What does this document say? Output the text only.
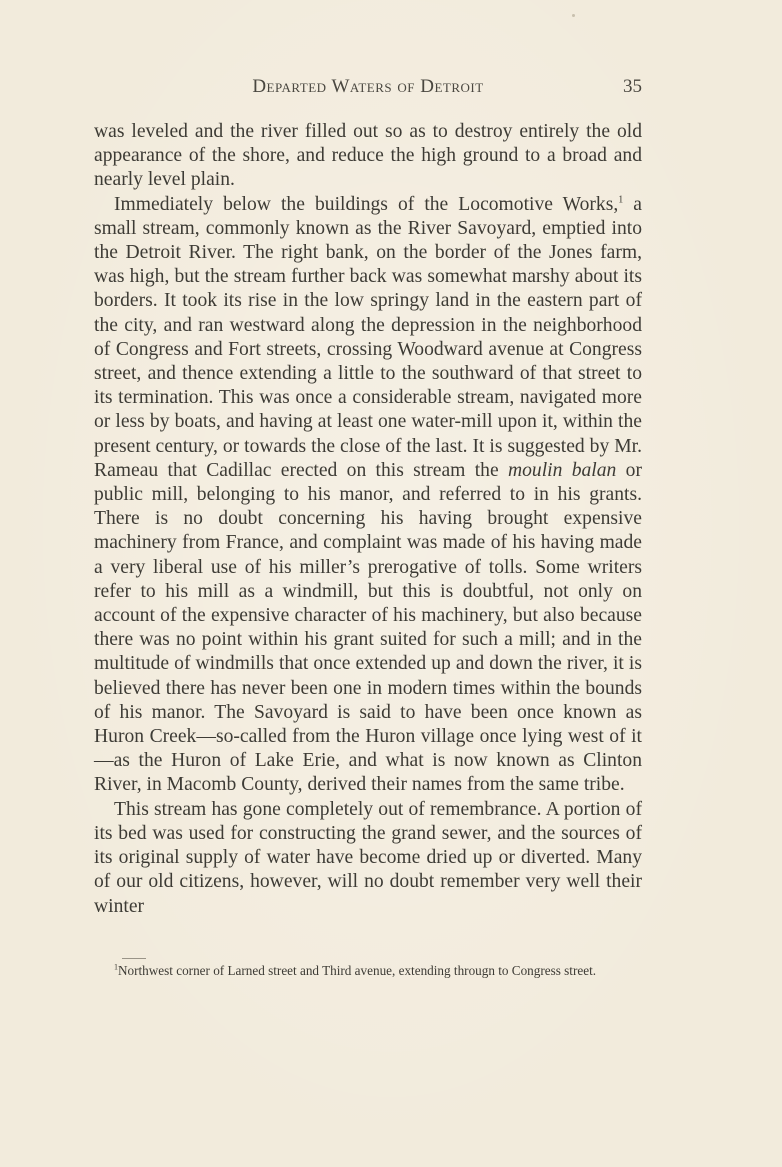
Departed Waters of Detroit	35

was leveled and the river filled out so as to destroy entirely the old appearance of the shore, and reduce the high ground to a broad and nearly level plain.

Immediately below the buildings of the Locomotive Works,$^1$ a small stream, commonly known as the River Savoyard, emptied into the Detroit River. The right bank, on the border of the Jones farm, was high, but the stream further back was somewhat marshy about its borders. It took its rise in the low springy land in the eastern part of the city, and ran westward along the depression in the neighborhood of Congress and Fort streets, crossing Woodward avenue at Congress street, and thence extending a little to the southward of that street to its termination. This was once a considerable stream, navigated more or less by boats, and having at least one water-mill upon it, within the present century, or towards the close of the last. It is suggested by Mr. Rameau that Cadillac erected on this stream the moulin balan or public mill, belonging to his manor, and referred to in his grants. There is no doubt concerning his having brought expensive machinery from France, and complaint was made of his having made a very liberal use of his miller’s prerogative of tolls. Some writers refer to his mill as a windmill, but this is doubtful, not only on account of the expensive character of his machinery, but also because there was no point within his grant suited for such a mill; and in the multitude of windmills that once extended up and down the river, it is believed there has never been one in modern times within the bounds of his manor. The Savoyard is said to have been once known as Huron Creek—so-called from the Huron village once lying west of it—as the Huron of Lake Erie, and what is now known as Clinton River, in Macomb County, derived their names from the same tribe.

This stream has gone completely out of remembrance. A portion of its bed was used for constructing the grand sewer, and the sources of its original supply of water have become dried up or diverted. Many of our old citizens, however, will no doubt remember very well their winter

$^1$Northwest corner of Larned street and Third avenue, extending througn to Congress street.
